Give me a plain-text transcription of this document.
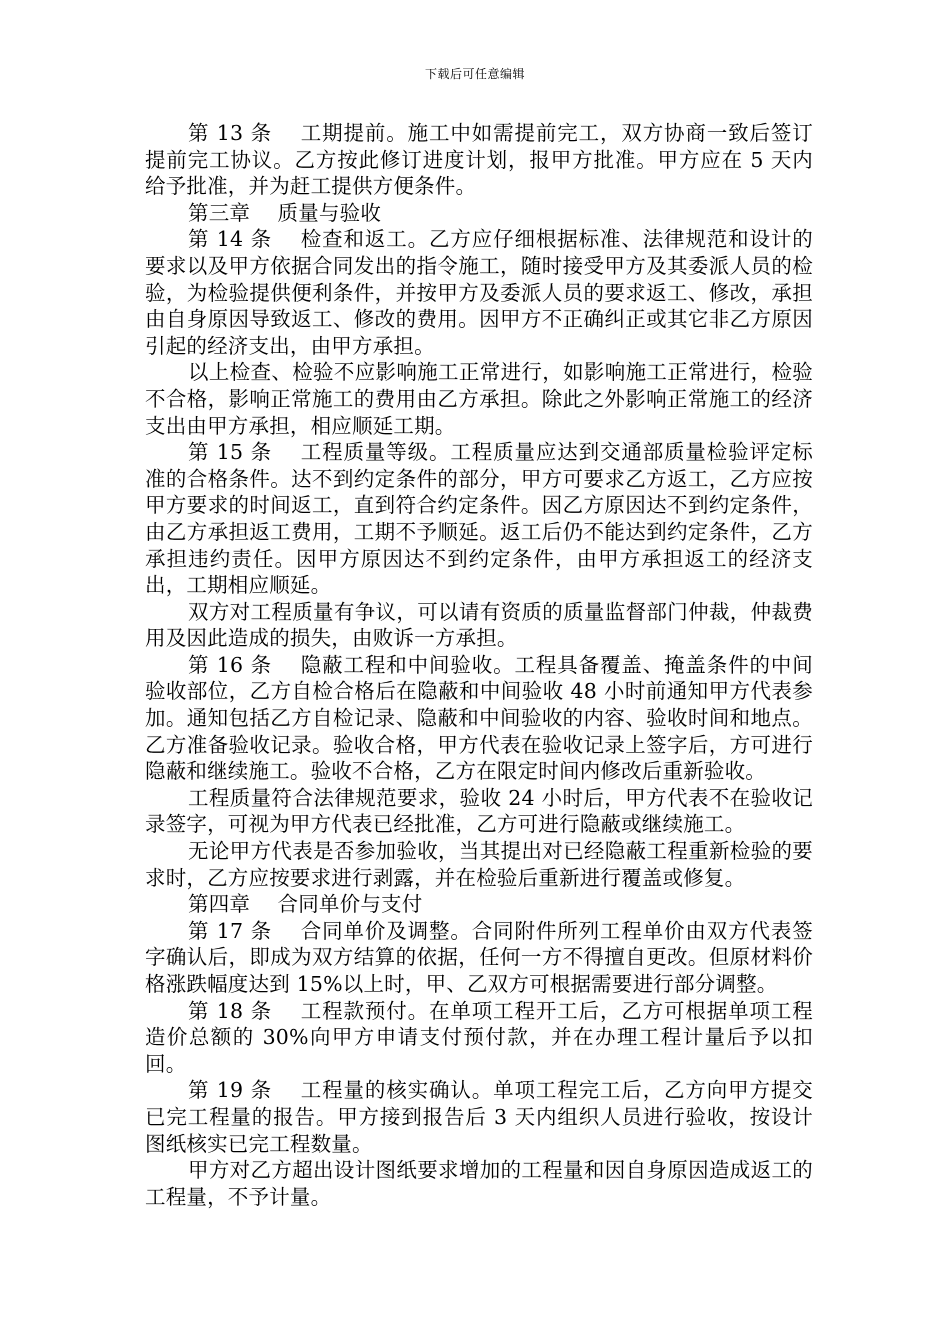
下载后可任意编辑

第 13 条　 工期提前。施工中如需提前完工，双方协商一致后签订提前完工协议。乙方按此修订进度计划，报甲方批准。甲方应在 5 天内给予批准，并为赶工提供方便条件。

第三章　 质量与验收

第 14 条　 检查和返工。乙方应仔细根据标准、法律规范和设计的要求以及甲方依据合同发出的指令施工，随时接受甲方及其委派人员的检验，为检验提供便利条件，并按甲方及委派人员的要求返工、修改，承担由自身原因导致返工、修改的费用。因甲方不正确纠正或其它非乙方原因引起的经济支出，由甲方承担。

以上检查、检验不应影响施工正常进行，如影响施工正常进行，检验不合格，影响正常施工的费用由乙方承担。除此之外影响正常施工的经济支出由甲方承担，相应顺延工期。

第 15 条　 工程质量等级。工程质量应达到交通部质量检验评定标准的合格条件。达不到约定条件的部分，甲方可要求乙方返工，乙方应按甲方要求的时间返工，直到符合约定条件。因乙方原因达不到约定条件，由乙方承担返工费用，工期不予顺延。返工后仍不能达到约定条件，乙方承担违约责任。因甲方原因达不到约定条件，由甲方承担返工的经济支出，工期相应顺延。

双方对工程质量有争议，可以请有资质的质量监督部门仲裁，仲裁费用及因此造成的损失，由败诉一方承担。

第 16 条　 隐蔽工程和中间验收。工程具备覆盖、掩盖条件的中间验收部位，乙方自检合格后在隐蔽和中间验收 48 小时前通知甲方代表参加。通知包括乙方自检记录、隐蔽和中间验收的内容、验收时间和地点。乙方准备验收记录。验收合格，甲方代表在验收记录上签字后，方可进行隐蔽和继续施工。验收不合格，乙方在限定时间内修改后重新验收。

工程质量符合法律规范要求，验收 24 小时后，甲方代表不在验收记录签字，可视为甲方代表已经批准，乙方可进行隐蔽或继续施工。

无论甲方代表是否参加验收，当其提出对已经隐蔽工程重新检验的要求时，乙方应按要求进行剥露，并在检验后重新进行覆盖或修复。

第四章　 合同单价与支付

第 17 条　 合同单价及调整。合同附件所列工程单价由双方代表签字确认后，即成为双方结算的依据，任何一方不得擅自更改。但原材料价格涨跌幅度达到 15%以上时，甲、乙双方可根据需要进行部分调整。

第 18 条　 工程款预付。在单项工程开工后，乙方可根据单项工程造价总额的 30%向甲方申请支付预付款，并在办理工程计量后予以扣回。

第 19 条　 工程量的核实确认。单项工程完工后，乙方向甲方提交已完工程量的报告。甲方接到报告后 3 天内组织人员进行验收，按设计图纸核实已完工程数量。

甲方对乙方超出设计图纸要求增加的工程量和因自身原因造成返工的工程量，不予计量。
